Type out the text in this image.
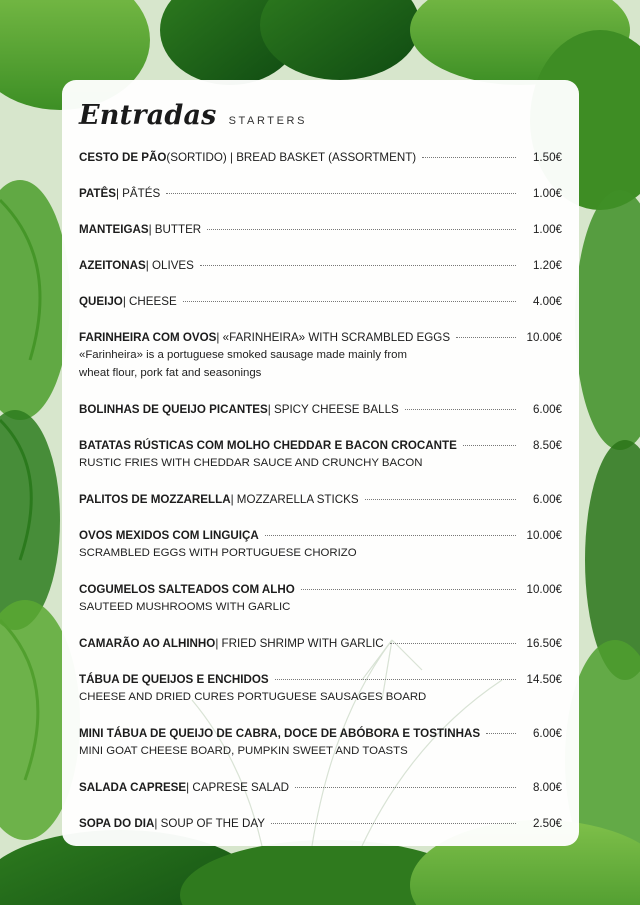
Entradas STARTERS
CESTO DE PÃO (SORTIDO) | BREAD BASKET (ASSORTMENT)	1.50€
PATÊS | PÂTÉS	1.00€
MANTEIGAS | BUTTER	1.00€
AZEITONAS | OLIVES	1.20€
QUEIJO | CHEESE	4.00€
FARINHEIRA COM OVOS | «FARINHEIRA» WITH SCRAMBLED EGGS	10.00€
«Farinheira» is a portuguese smoked sausage made mainly from
wheat flour, pork fat and seasonings
BOLINHAS DE QUEIJO PICANTES | SPICY CHEESE BALLS	6.00€
BATATAS RÚSTICAS COM MOLHO CHEDDAR E BACON CROCANTE	8.50€
RUSTIC FRIES WITH CHEDDAR SAUCE AND CRUNCHY BACON
PALITOS DE MOZZARELLA | MOZZARELLA STICKS	6.00€
OVOS MEXIDOS COM LINGUIÇA	10.00€
SCRAMBLED EGGS WITH PORTUGUESE CHORIZO
COGUMELOS SALTEADOS COM ALHO	10.00€
SAUTEED MUSHROOMS WITH GARLIC
CAMARÃO AO ALHINHO | FRIED SHRIMP WITH GARLIC	16.50€
TÁBUA DE QUEIJOS E ENCHIDOS	14.50€
CHEESE AND DRIED CURES PORTUGUESE SAUSAGES BOARD
MINI TÁBUA DE QUEIJO DE CABRA, DOCE DE ABÓBORA E TOSTINHAS	6.00€
MINI GOAT CHEESE BOARD, PUMPKIN SWEET AND TOASTS
SALADA CAPRESE | CAPRESE SALAD	8.00€
SOPA DO DIA | SOUP OF THE DAY	2.50€
